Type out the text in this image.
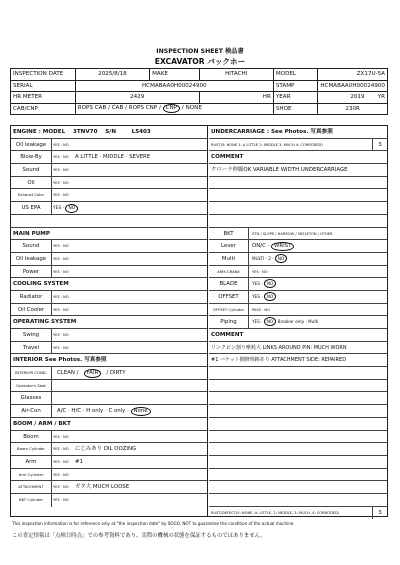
INSPECTION SHEET 検品書
EXCAVATOR バックホー
INSPECTION DATE	2025/8/18	MAKE	HITACHI	MODEL	ZX17U-5A
SERIAL	HCMABAA0H00024900			STAMP	HCMABAA0H00024900
HR METER	2429		HR	YEAR	2019 YR

CAB/CNP	ROPS CAB / CAB / ROPS CNP / CNP / NONE			SHOE	230R
ENGINE : MODEL 3TNV70 S/N	L5403
Oil leakage	YES · NO
Blow-By	YES · NO A LITTLE · MIDDLE · SEVERE
Sound	YES · NO
Oil	YES · NO
Exhaust Color	YES · NO
US EPA	YES · NO
MAIN PUMP
Sound	YES · NO
Oil leakage	YES · NO
Power	YES · NO
COOLING SYSTEM
Radiator	YES · NO
Oil Cooler	YES · NO
OPERATING SYSTEM
Swing	YES · NO
Travel	YES · NO
INTERIOR See Photos. 写真参照
INTERIOR COND.	CLEAN / FAIR / DIRTY
Operator's Seat
Glasses
Air-Con	A/C · H/C · H only · C only · None
BOOM / ARM / BKT
Boom	YES · NO
Boom Cylinder	YES · NO にじみあり OIL OOZING
Arm	YES · NO #1
Arm Cylinder	YES · NO
ATTACHMENT	YES · NO ガタ大 MUCH LOOSE
BKT Cylinder	YES · NO
UNDERCARRIAGE : See Photos. 写真参照
RUST(0: NONE 1: A LITTLE 2: MIDDLE 3: MUCH 4: CORRODED)	3
COMMENT
クローラ伸縮OK VARIABLE WIDTH UNDERCARRIAGE
BKT	STD / SLOPE / HARROW / SKELETON / OTHER
Lever	ON/C · WRIST
Multi	MULTI · 2 · NO
ARM-CRANE	YES · NO
BLADE	YES · NO
OFFSET	YES · NO
OFFSET Cylinder	PASS · NO
Piping	YES · NO Breaker only · Multi
COMMENT
リンクピン割り摩耗大 LINKS AROUND PIN: MUCH WORN
#1 バケット側修理跡あり ATTACHMENT SIDE: REPAIRED
RUST/DEFECT(0: NONE, A: LITTLE, 2: MIDDLE, 3: MUCH, 4: CORRODED)	3
This inspection information is for reference only at "the inspection date" by SOGO. NOT to guarantee the condition of the actual machine.
この査定情報は「点検日時点」での参考資料であり、実際の機械の状態を保証するものではありません。
